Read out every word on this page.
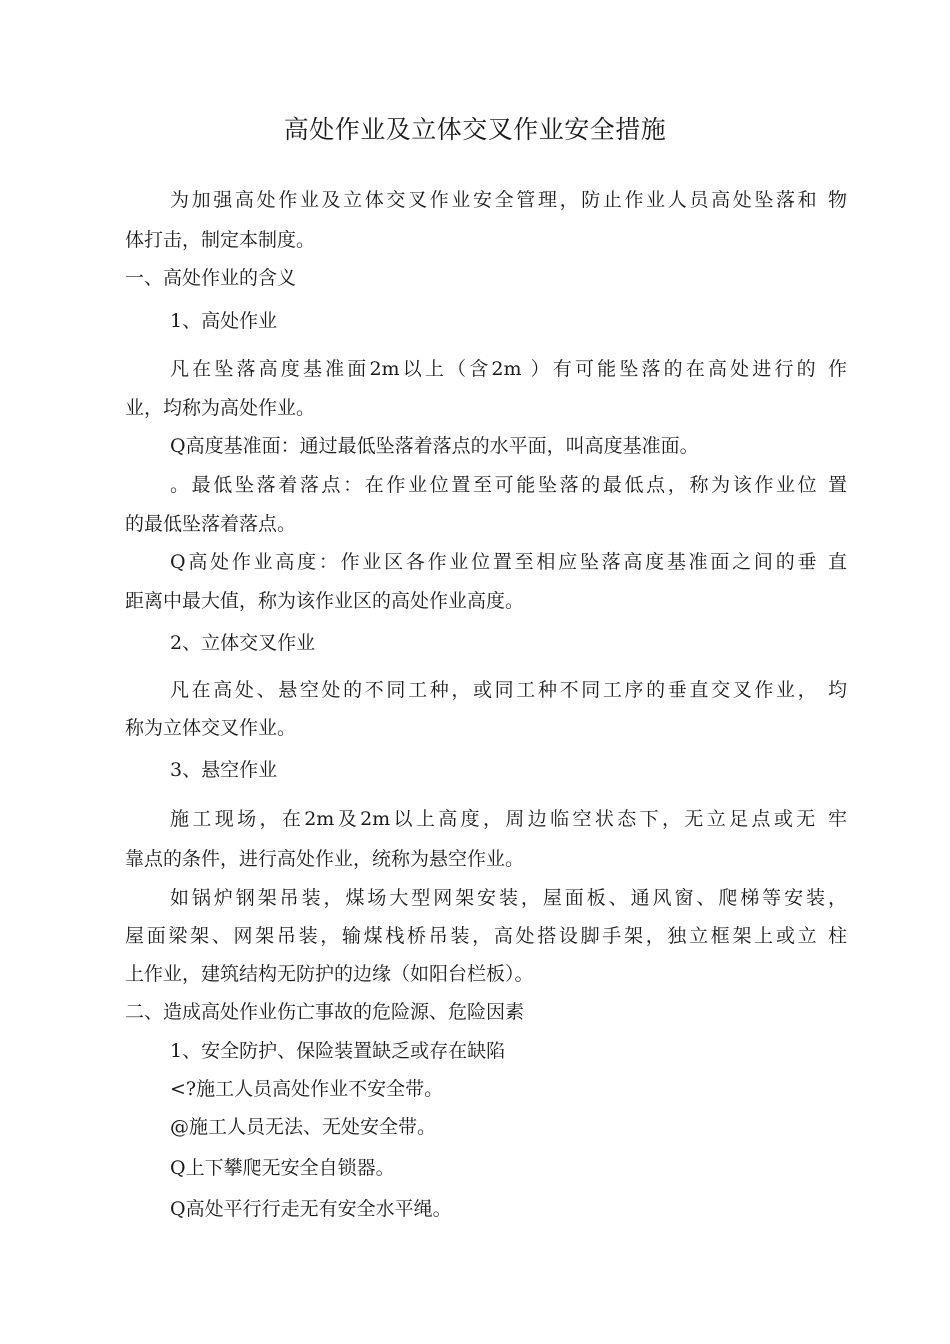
高处作业及立体交叉作业安全措施
为加强高处作业及立体交叉作业安全管理，防止作业人员高处坠落和 物
体打击，制定本制度。
一、高处作业的含义
1、高处作业
凡在坠落高度基准面2m以上（含2m ）有可能坠落的在高处进行的 作
业，均称为高处作业。
Q高度基准面：通过最低坠落着落点的水平面，叫高度基准面。
。最低坠落着落点：在作业位置至可能坠落的最低点，称为该作业位 置
的最低坠落着落点。
Q高处作业高度：作业区各作业位置至相应坠落高度基准面之间的垂 直
距离中最大值，称为该作业区的高处作业高度。
2、立体交叉作业
凡在高处、悬空处的不同工种，或同工种不同工序的垂直交叉作业， 均
称为立体交叉作业。
3、悬空作业
施工现场，在2m及2m以上高度，周边临空状态下，无立足点或无 牢
靠点的条件，进行高处作业，统称为悬空作业。
如锅炉钢架吊装，煤场大型网架安装，屋面板、通风窗、爬梯等安装，
屋面梁架、网架吊装，输煤栈桥吊装，高处搭设脚手架，独立框架上或立 柱
上作业，建筑结构无防护的边缘（如阳台栏板）。
二、造成高处作业伤亡事故的危险源、危险因素
1、安全防护、保险装置缺乏或存在缺陷
<?施工人员高处作业不安全带。
@施工人员无法、无处安全带。
Q上下攀爬无安全自锁器。
Q高处平行行走无有安全水平绳。
